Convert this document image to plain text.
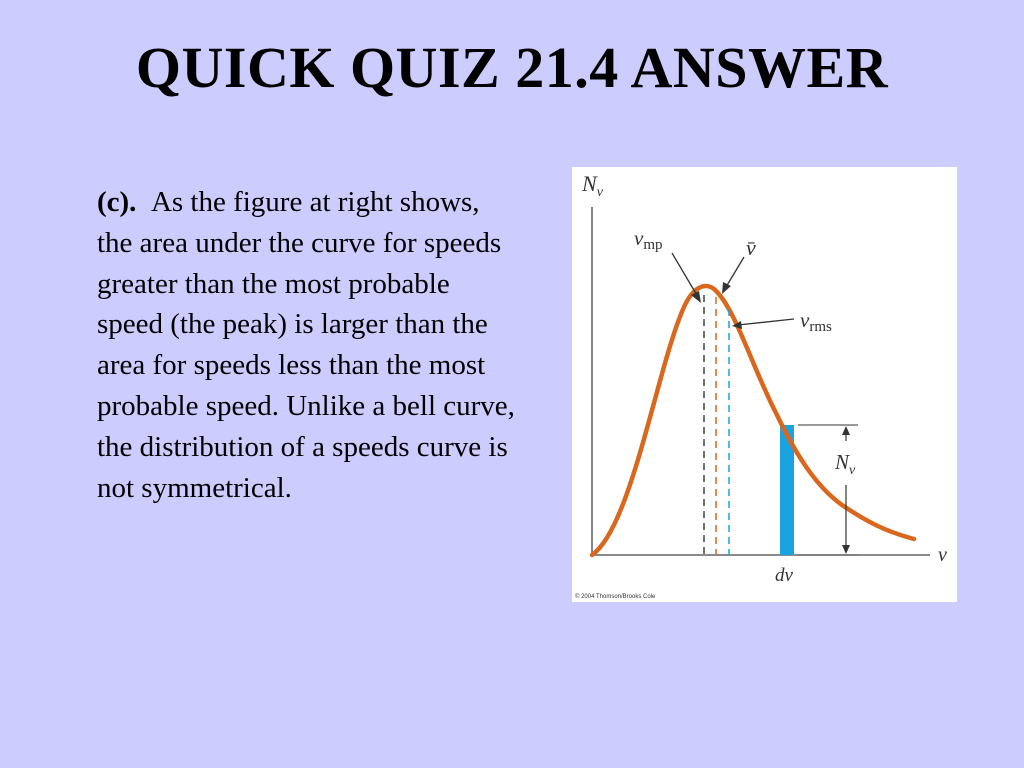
QUICK QUIZ 21.4 ANSWER
(c). As the figure at right shows, the area under the curve for speeds greater than the most probable speed (the peak) is larger than the area for speeds less than the most probable speed. Unlike a bell curve, the distribution of a speeds curve is not symmetrical.
$N_v$
v
vmp	v̄
vrms
$N_v$
dv
© 2004 Thomson/Brooks Cole
